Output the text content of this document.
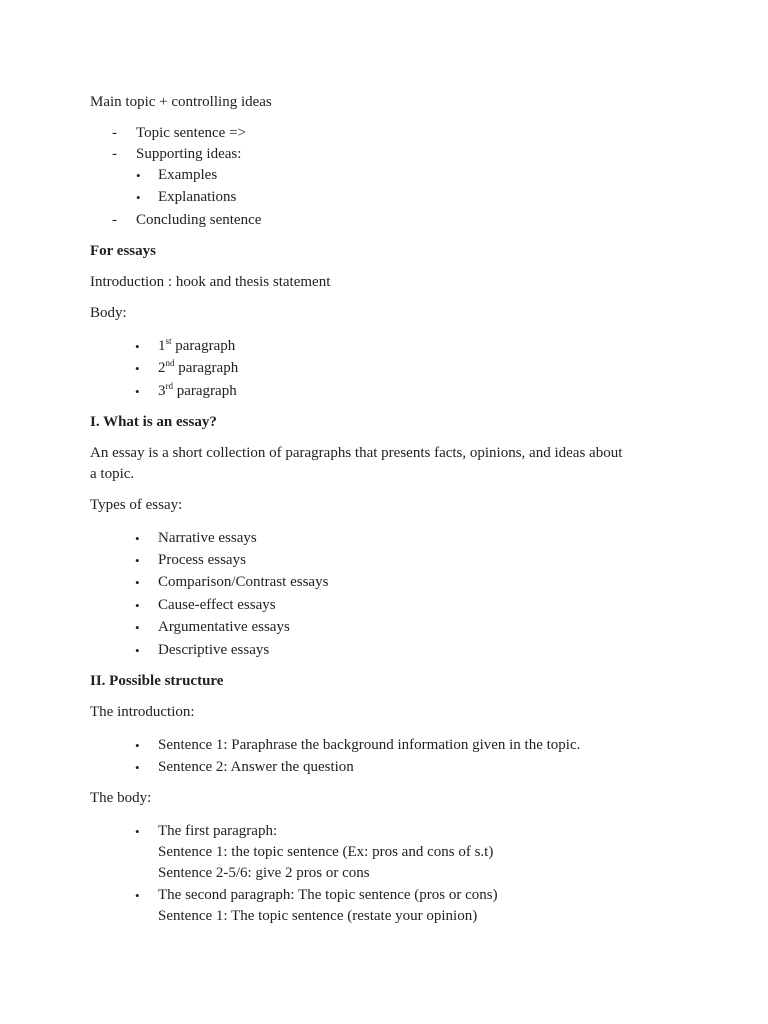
Main topic + controlling ideas

- Topic sentence =>
- Supporting ideas:
• Examples
• Explanations
- Concluding sentence

For essays

Introduction : hook and thesis statement

Body:

• 1st paragraph
• 2nd paragraph
• 3rd paragraph

I. What is an essay?

An essay is a short collection of paragraphs that presents facts, opinions, and ideas about
a topic.

Types of essay:

• Narrative essays
• Process essays
• Comparison/Contrast essays
• Cause-effect essays
• Argumentative essays
• Descriptive essays

II. Possible structure

The introduction:

• Sentence 1: Paraphrase the background information given in the topic.
• Sentence 2: Answer the question

The body:

• The first paragraph:
Sentence 1: the topic sentence (Ex: pros and cons of s.t)
Sentence 2-5/6: give 2 pros or cons
• The second paragraph: The topic sentence (pros or cons)
Sentence 1: The topic sentence (restate your opinion)
